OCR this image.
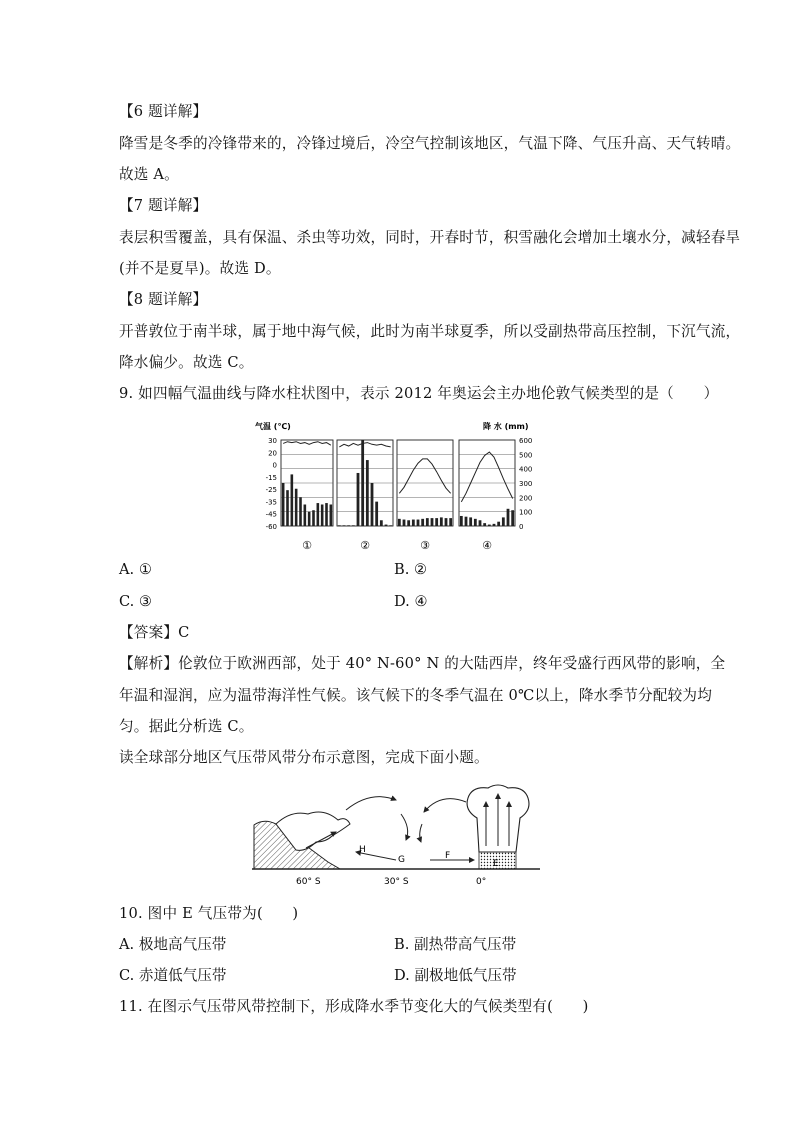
【6 题详解】
降雪是冬季的冷锋带来的，冷锋过境后，冷空气控制该地区，气温下降、气压升高、天气转晴。
故选 A。
【7 题详解】
表层积雪覆盖，具有保温、杀虫等功效，同时，开春时节，积雪融化会增加土壤水分，减轻春旱
(并不是夏旱)。故选 D。
【8 题详解】
开普敦位于南半球，属于地中海气候，此时为南半球夏季，所以受副热带高压控制，下沉气流，
降水偏少。故选 C。
9. 如四幅气温曲线与降水柱状图中，表示 2012 年奥运会主办地伦敦气候类型的是（　　）
气温 (℃)	降 水 (mm)
30
20
0
-15
-25
-35
-45
-60
600
500
400
300
200
100
0
①	②	③	④
A. ①	B. ②
C. ③	D. ④
【答案】C
【解析】伦敦位于欧洲西部，处于 40° N-60° N 的大陆西岸，终年受盛行西风带的影响，全
年温和湿润，应为温带海洋性气候。该气候下的冬季气温在 0℃以上，降水季节分配较为均
匀。据此分析选 C。
读全球部分地区气压带风带分布示意图，完成下面小题。
H
G	F
E
60° S	30° S	0°
10. 图中 E 气压带为(　　)
A. 极地高气压带	B. 副热带高气压带
C. 赤道低气压带	D. 副极地低气压带
11. 在图示气压带风带控制下，形成降水季节变化大的气候类型有(　　)
